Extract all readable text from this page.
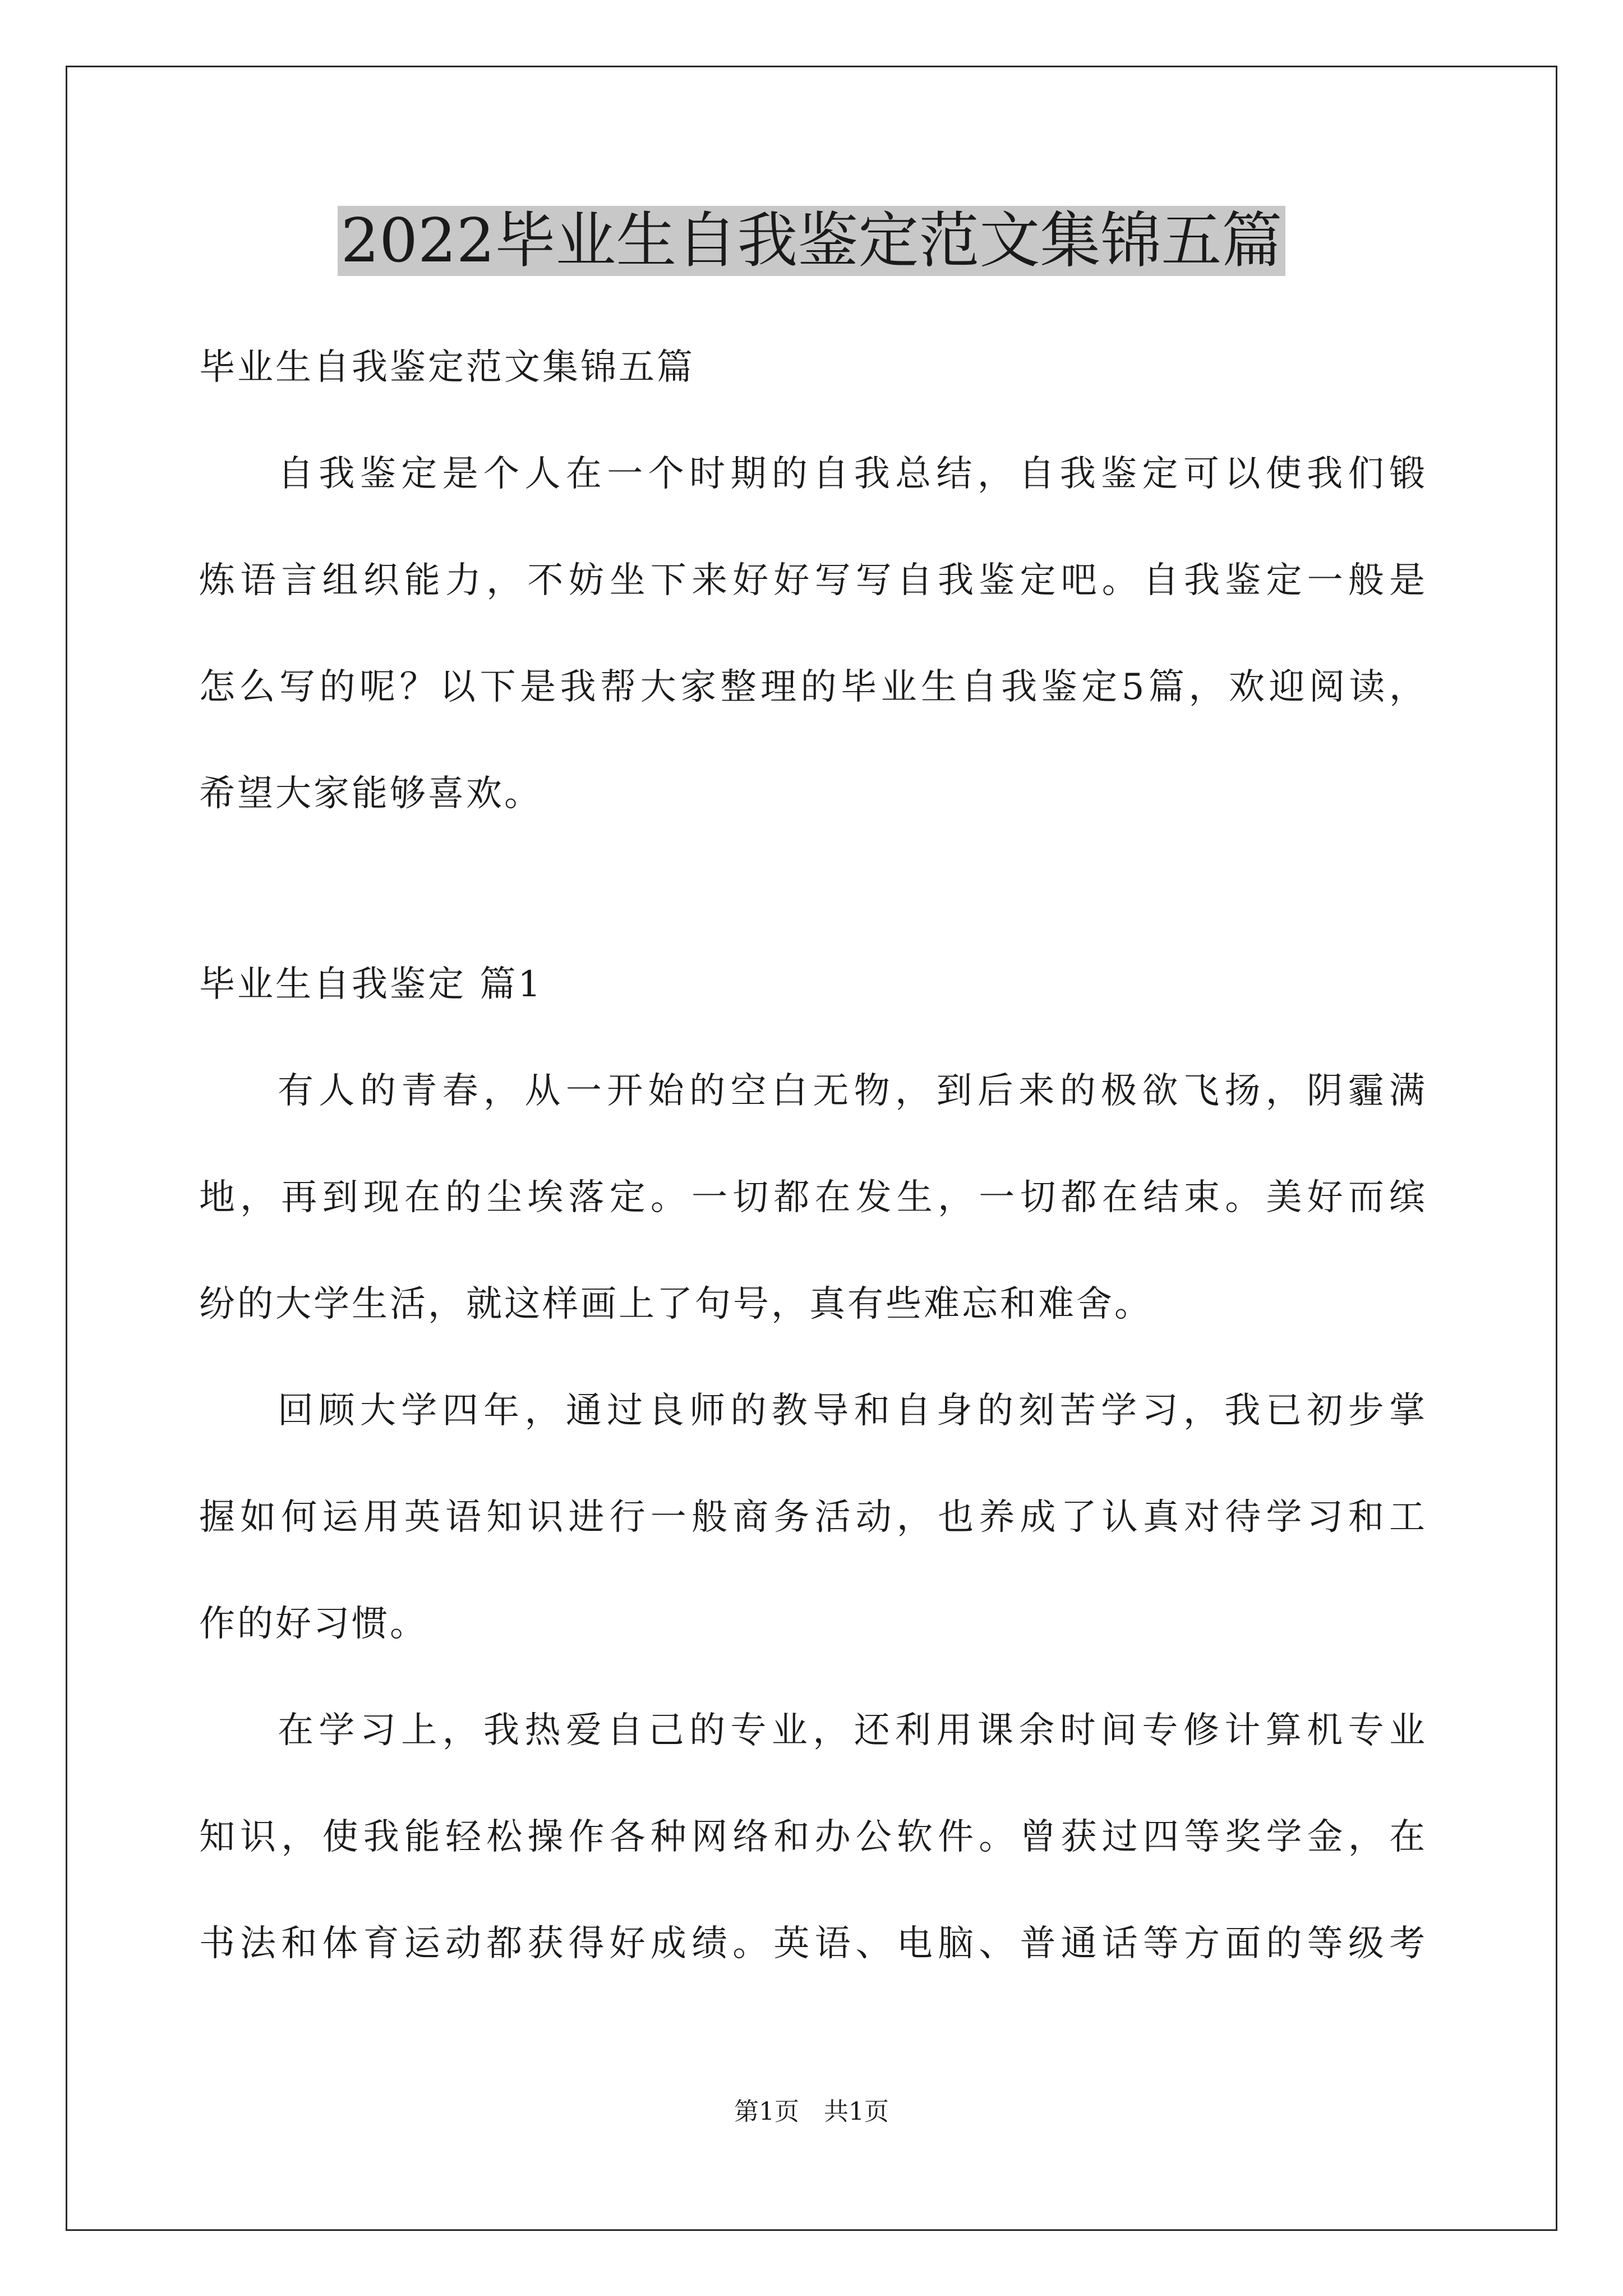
2022毕业生自我鉴定范文集锦五篇
毕业生自我鉴定范文集锦五篇
自我鉴定是个人在一个时期的自我总结，自我鉴定可以使我们锻
炼语言组织能力，不妨坐下来好好写写自我鉴定吧。自我鉴定一般是
怎么写的呢？以下是我帮大家整理的毕业生自我鉴定5篇，欢迎阅读，
希望大家能够喜欢。
毕业生自我鉴定 篇1
有人的青春，从一开始的空白无物，到后来的极欲飞扬，阴霾满
地，再到现在的尘埃落定。一切都在发生，一切都在结束。美好而缤
纷的大学生活，就这样画上了句号，真有些难忘和难舍。
回顾大学四年，通过良师的教导和自身的刻苦学习，我已初步掌
握如何运用英语知识进行一般商务活动，也养成了认真对待学习和工
作的好习惯。
在学习上，我热爱自己的专业，还利用课余时间专修计算机专业
知识，使我能轻松操作各种网络和办公软件。曾获过四等奖学金，在
书法和体育运动都获得好成绩。英语、电脑、普通话等方面的等级考
第1页 共1页
